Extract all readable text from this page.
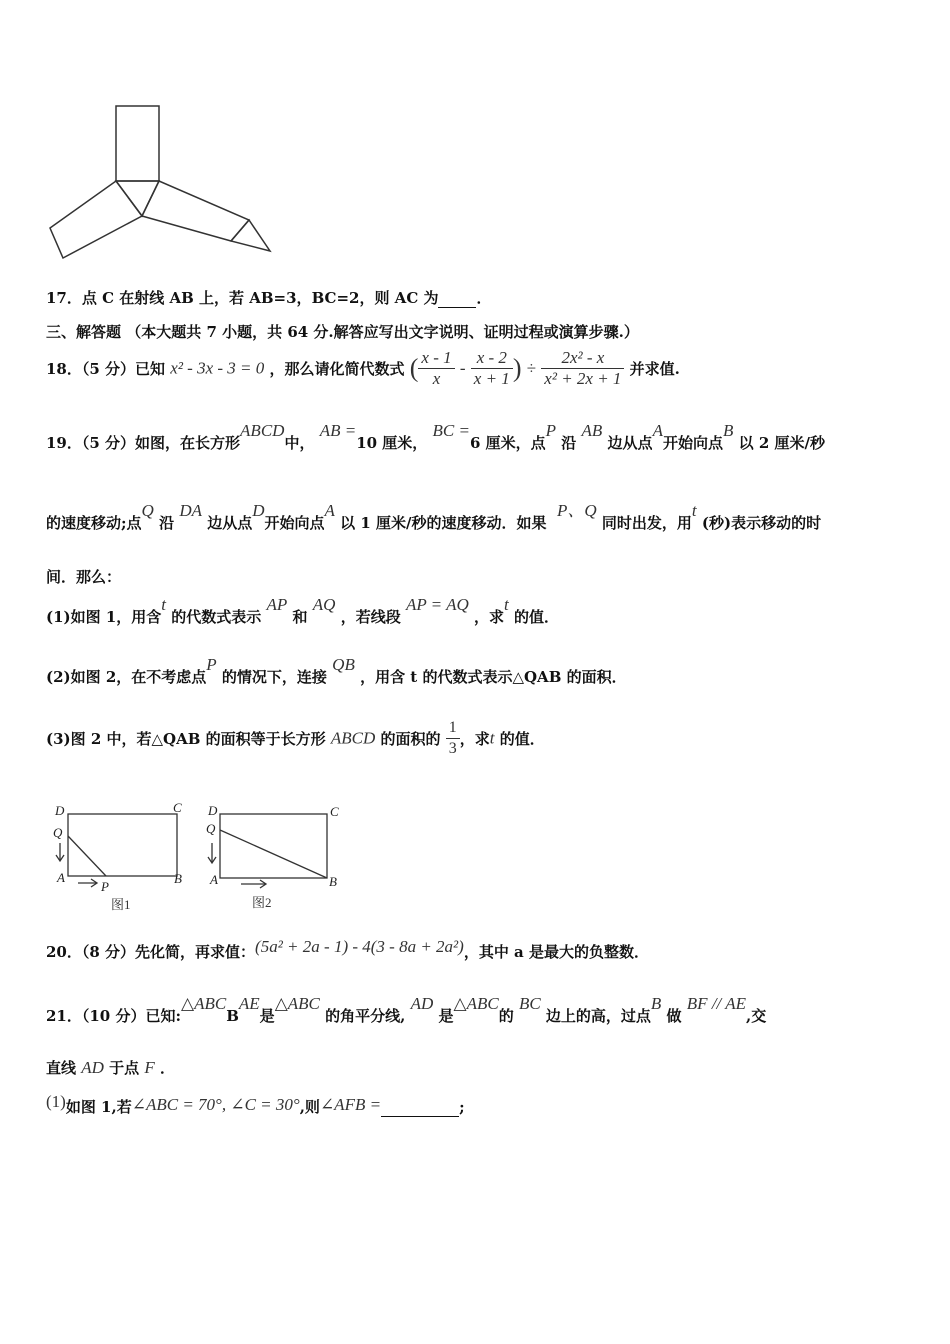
17．点 C 在射线 AB 上，若 AB=3，BC=2，则 AC 为	．
三、解答题 （本大题共 7 小题，共 64 分.解答应写出文字说明、证明过程或演算步骤.）
18．（5 分）已知 x² - 3x - 3 = 0 ，那么请化简代数式 ( $\frac{x - 1}{x} - \frac{x - 2}{x + 1}$ ) ÷ $\frac{\text{2x² - x}}{\text{x² + 2x + 1}}$ 并求值.
19．（5 分）如图，在长方形ABCD中， AB =10 厘米， BC =6 厘米，点P 沿 AB 边从点A开始向点B 以 2 厘米/秒
的速度移动;点Q 沿 DA 边从点D开始向点A 以 1 厘米/秒的速度移动．如果  P、Q 同时出发，用t (秒)表示移动的时
间．那么：
(1)如图 1，用含t 的代数式表示 AP 和 AQ ，若线段 AP = AQ ，求t 的值．
(2)如图 2，在不考虑点P 的情况下，连接 QB ，用含 t 的代数式表示△QAB 的面积．
(3)图 2 中，若△QAB 的面积等于长方形 ABCD 的面积的 $\frac{1}{3}$ ，求t 的值．
D	C
Q
A
P
B
D	C
Q
A	B
图1	图2
20．（8 分）先化简，再求值：(5a² + 2a - 1) - 4(3 - 8a + 2a²)，其中 a 是最大的负整数．
21．（10 分）已知:△ABCBAE是△ABC 的角平分线, AD 是△ABC的 BC 边上的高，过点B 做 BF // AE,交
直线 AD 于点 F ．
(1)如图 1,若∠ABC = 70°, ∠C = 30°,则∠AFB =	;
